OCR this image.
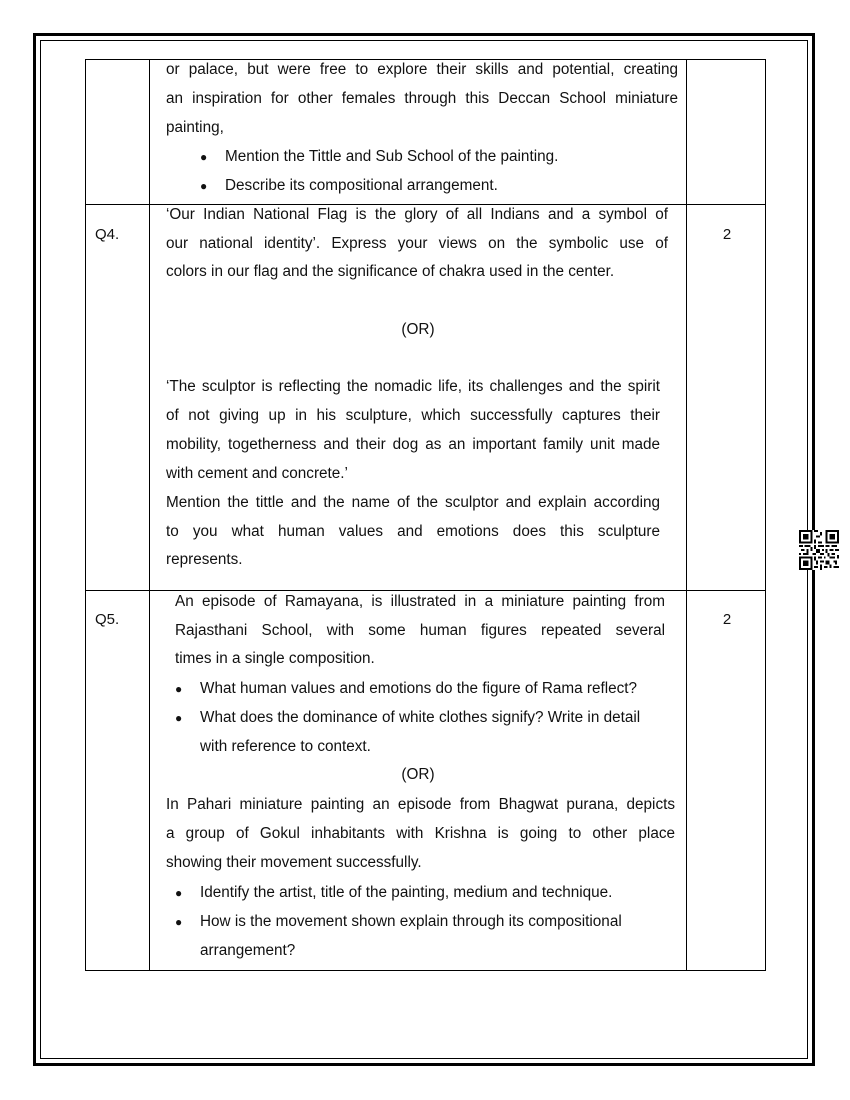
or palace, but were free to explore their skills and potential, creating
an inspiration for other females through this Deccan School miniature
painting,
● Mention the Tittle and Sub School of the painting.
● Describe its compositional arrangement.
Q4.
‘Our Indian National Flag is the glory of all Indians and a symbol of
our national identity’. Express your views on the symbolic use of
colors in our flag and the significance of chakra used in the center.
(OR)
‘The sculptor is reflecting the nomadic life, its challenges and the spirit
of not giving up in his sculpture, which successfully captures their
mobility, togetherness and their dog as an important family unit made
with cement and concrete.’
Mention the tittle and the name of the sculptor and explain according
to you what human values and emotions does this sculpture
represents.
2
Q5.
An episode of Ramayana, is illustrated in a miniature painting from
Rajasthani School, with some human figures repeated several
times in a single composition.
● What human values and emotions do the figure of Rama reflect?
● What does the dominance of white clothes signify? Write in detail
with reference to context.
(OR)
In Pahari miniature painting an episode from Bhagwat purana, depicts
a group of Gokul inhabitants with Krishna is going to other place
showing their movement successfully.
● Identify the artist, title of the painting, medium and technique.
● How is the movement shown explain through its compositional
arrangement?
2
